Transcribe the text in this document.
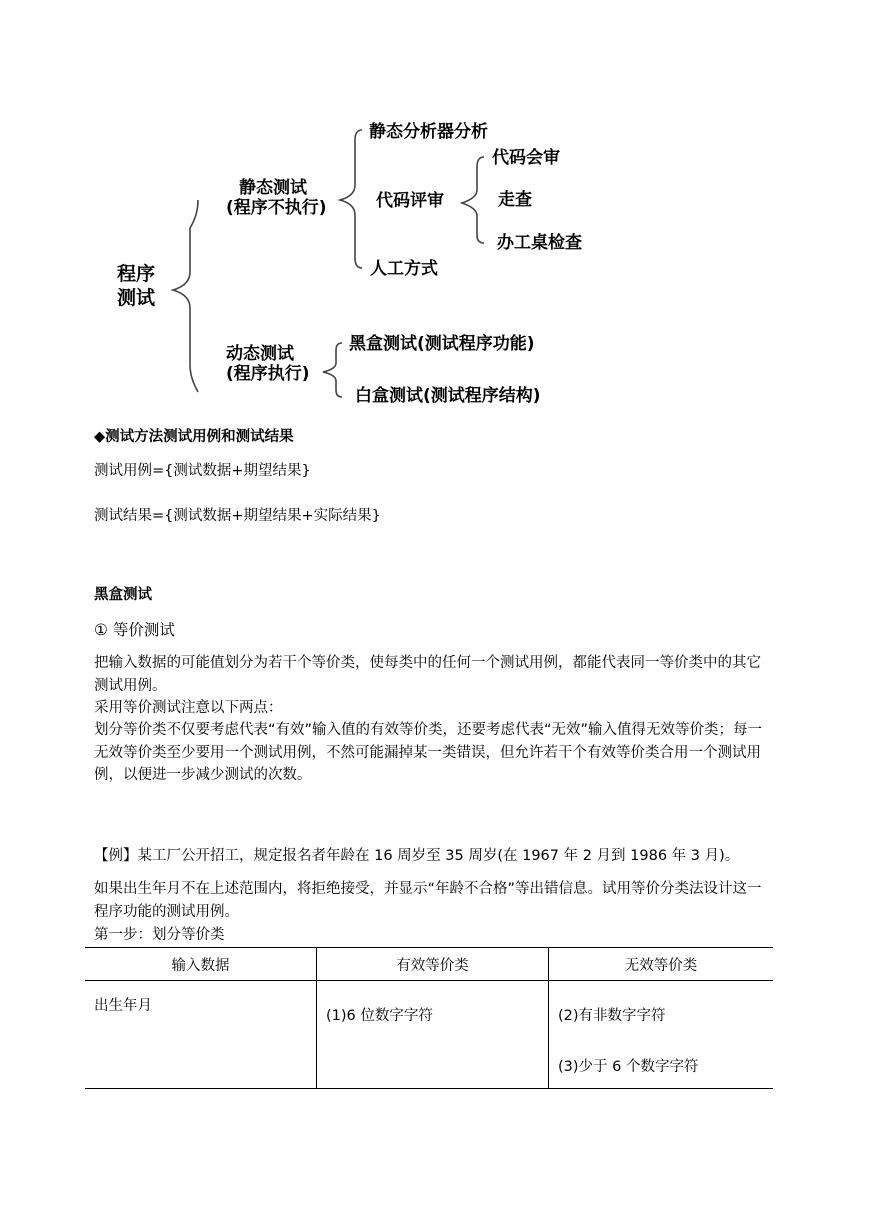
程序
测试
静态测试
(程序不执行)
静态分析器分析
代码评审
人工方式
代码会审
走查
办工桌检查
动态测试
(程序执行)
黑盒测试(测试程序功能)
白盒测试(测试程序结构)
◆测试方法测试用例和测试结果
测试用例={测试数据+期望结果}
测试结果={测试数据+期望结果+实际结果}
黑盒测试
① 等价测试
把输入数据的可能值划分为若干个等价类，使每类中的任何一个测试用例，都能代表同一等价类中的其它测试用例。
采用等价测试注意以下两点：
划分等价类不仅要考虑代表“有效”输入值的有效等价类，还要考虑代表“无效”输入值得无效等价类；每一无效等价类至少要用一个测试用例，不然可能漏掉某一类错误，但允许若干个有效等价类合用一个测试用例，以便进一步减少测试的次数。
【例】某工厂公开招工，规定报名者年龄在 16 周岁至 35 周岁(在 1967 年 2 月到 1986 年 3 月)。
如果出生年月不在上述范围内，将拒绝接受，并显示“年龄不合格”等出错信息。试用等价分类法设计这一程序功能的测试用例。
第一步：划分等价类
输入数据	有效等价类	无效等价类

出生年月	(1)6 位数字字符	(2)有非数字字符
(3)少于 6 个数字字符
